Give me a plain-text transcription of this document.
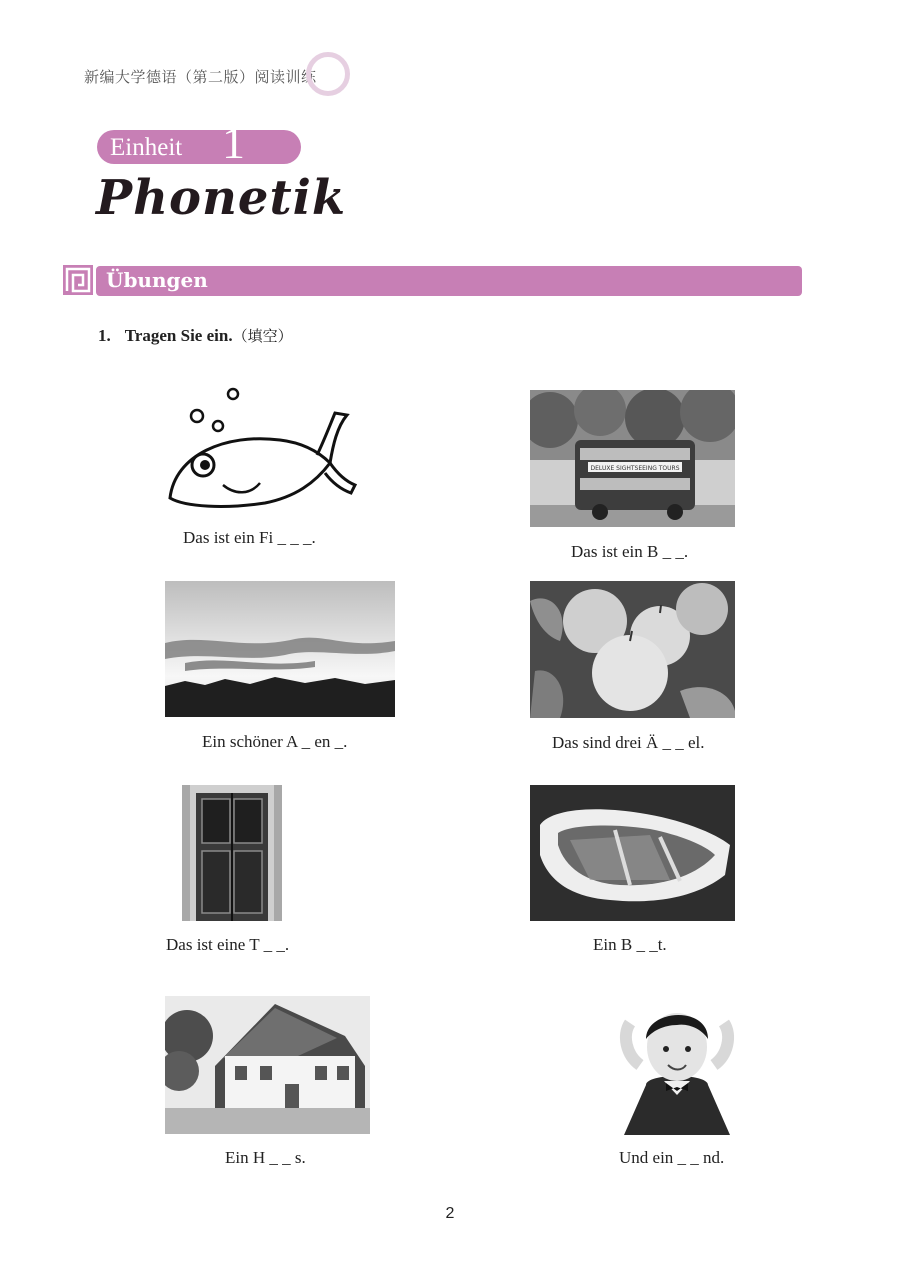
新编大学德语（第二版）阅读训练
Einheit 1
Phonetik
Übungen
1. Tragen Sie ein.（填空）
Das ist ein Fi _ _ _.
DELUXE SIGHTSEEING TOURS
Das ist ein B _ _.
Ein schöner A _ en _.	Das sind drei Ä _ _ el.
Das ist eine T _ _.	Ein B _ _t.
Ein H _ _ s.	Und ein _ _ nd.
2
